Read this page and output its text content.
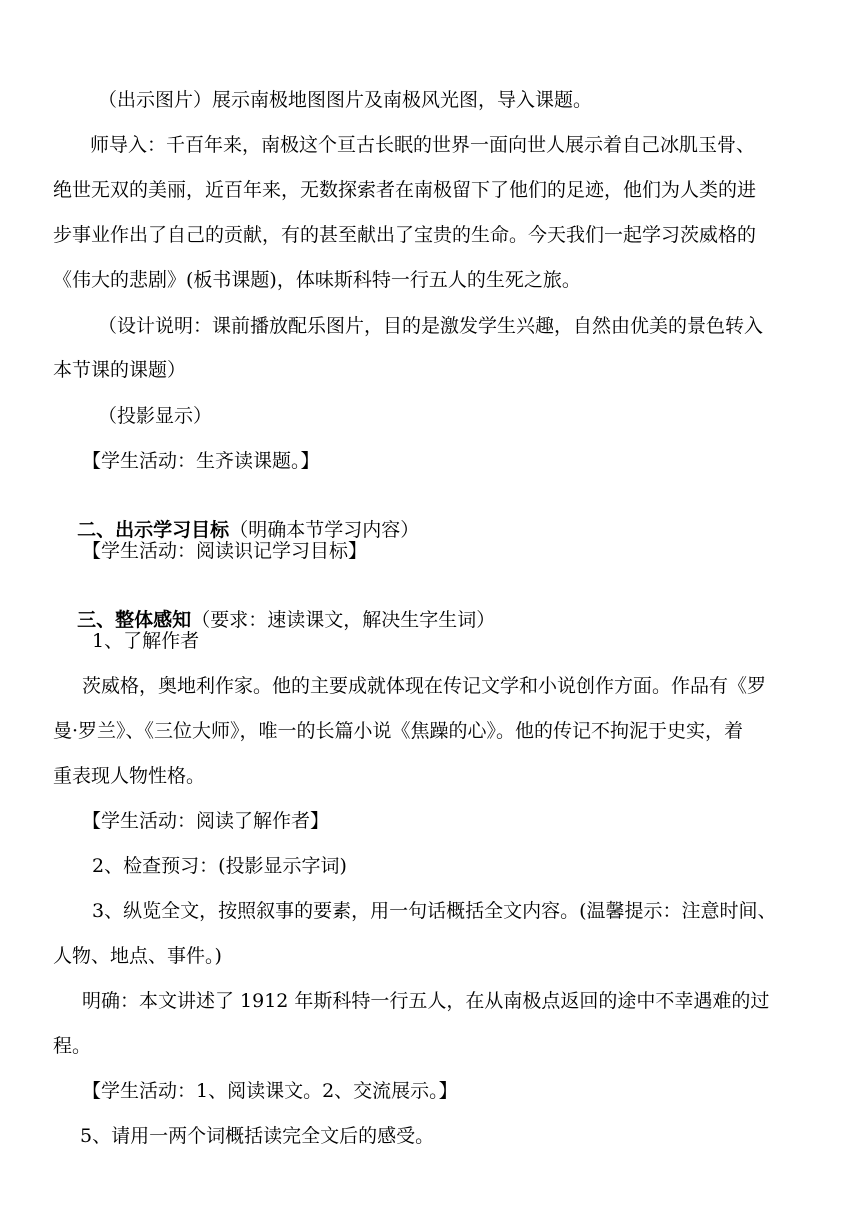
（出示图片）展示南极地图图片及南极风光图，导入课题。
师导入：千百年来，南极这个亘古长眠的世界一面向世人展示着自己冰肌玉骨、
绝世无双的美丽，近百年来，无数探索者在南极留下了他们的足迹，他们为人类的进
步事业作出了自己的贡献，有的甚至献出了宝贵的生命。今天我们一起学习茨威格的
《伟大的悲剧》(板书课题)，体味斯科特一行五人的生死之旅。
（设计说明：课前播放配乐图片，目的是激发学生兴趣，自然由优美的景色转入
本节课的课题）
（投影显示）
【学生活动：生齐读课题。】

二、出示学习目标（明确本节学习内容）

【学生活动：阅读识记学习目标】

三、整体感知（要求：速读课文，解决生字生词）

1、了解作者
茨威格，奥地利作家。他的主要成就体现在传记文学和小说创作方面。作品有《罗
曼·罗兰》、《三位大师》，唯一的长篇小说《焦躁的心》。他的传记不拘泥于史实，着
重表现人物性格。
【学生活动：阅读了解作者】
2、检查预习：(投影显示字词)
3、纵览全文，按照叙事的要素，用一句话概括全文内容。(温馨提示：注意时间、
人物、地点、事件。)
明确：本文讲述了 1912 年斯科特一行五人，在从南极点返回的途中不幸遇难的过
程。
【学生活动：1、阅读课文。2、交流展示。】
5、请用一两个词概括读完全文后的感受。
